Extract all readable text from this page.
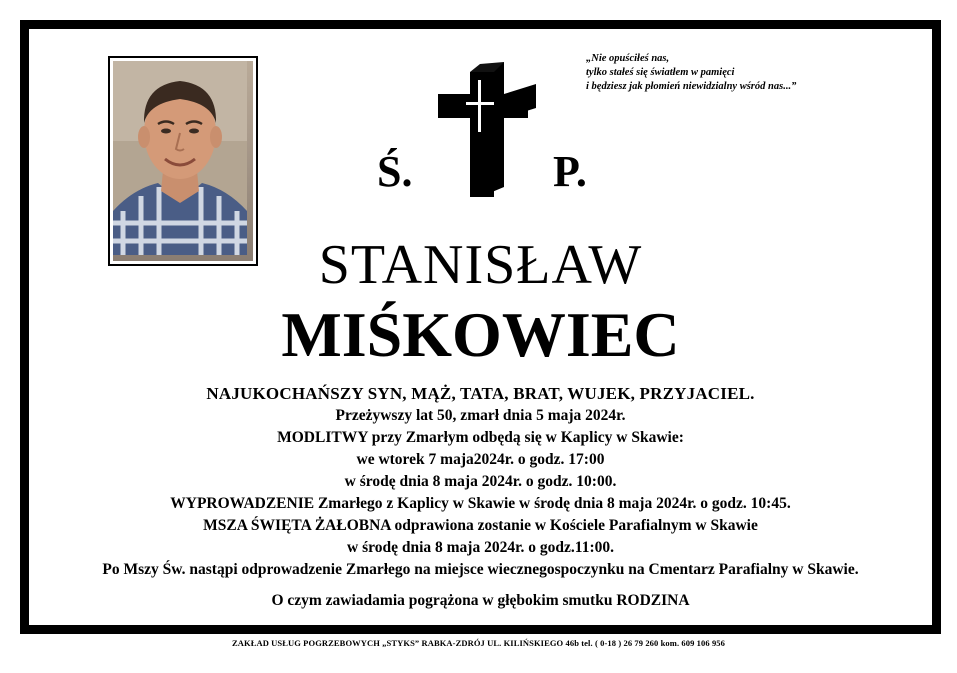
„Nie opuściłeś nas,
tylko stałeś się światłem w pamięci
i będziesz jak płomień niewidzialny wśród nas...”
Ś.	P.
STANISŁAW
MIŚKOWIEC
NAJUKOCHAŃSZY SYN, MĄŻ, TATA, BRAT, WUJEK, PRZYJACIEL.
Przeżywszy lat 50, zmarł dnia 5 maja 2024r.
MODLITWY przy Zmarłym odbędą się w Kaplicy w Skawie:
we wtorek 7 maja2024r. o godz. 17:00
w środę dnia 8 maja 2024r. o godz. 10:00.
WYPROWADZENIE Zmarłego z Kaplicy w Skawie w środę dnia 8 maja 2024r. o godz. 10:45.
MSZA ŚWIĘTA ŻAŁOBNA odprawiona zostanie w Kościele Parafialnym w Skawie
w środę dnia 8 maja 2024r. o godz.11:00.
Po Mszy Św. nastąpi odprowadzenie Zmarłego na miejsce wiecznegospoczynku na Cmentarz Parafialny w Skawie.
O czym zawiadamia pogrążona w głębokim smutku RODZINA
ZAKŁAD USŁUG POGRZEBOWYCH „STYKS” RABKA-ZDRÓJ UL. KILIŃSKIEGO 46b tel. ( 0-18 ) 26 79 260 kom. 609 106 956
